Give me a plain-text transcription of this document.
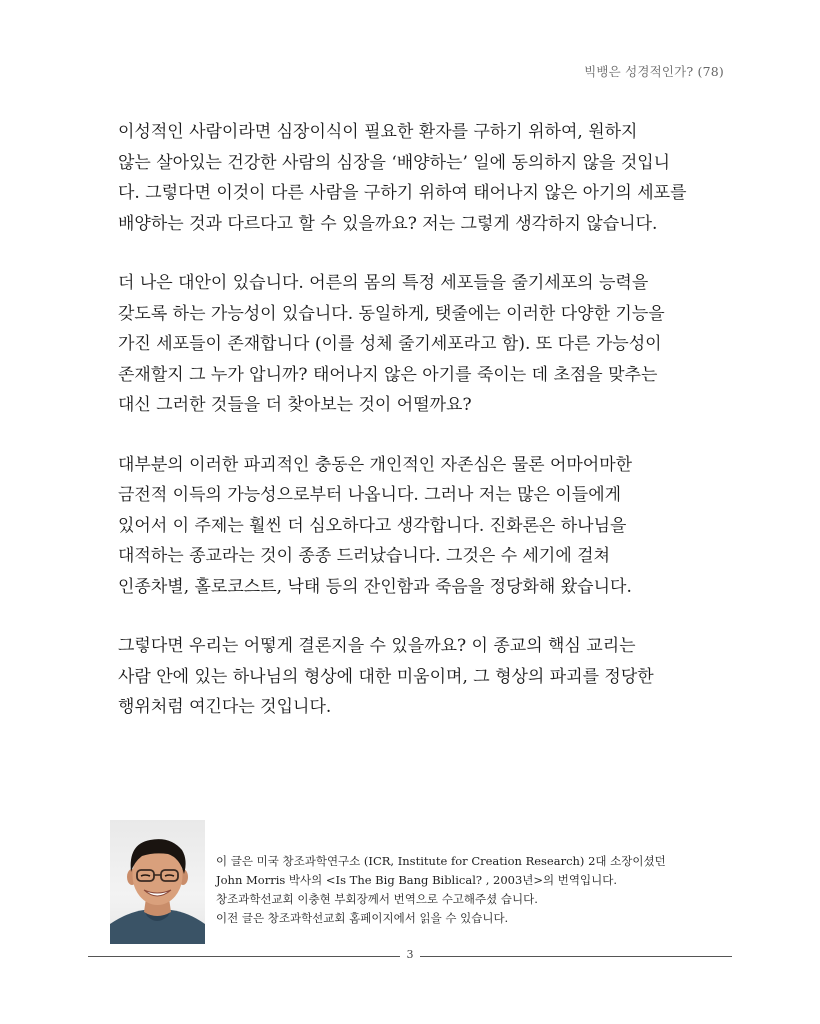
빅뱅은 성경적인가? (78)

이성적인 사람이라면 심장이식이 필요한 환자를 구하기 위하여, 원하지
않는 살아있는 건강한 사람의 심장을 ‘배양하는’ 일에 동의하지 않을 것입니
다. 그렇다면 이것이 다른 사람을 구하기 위하여 태어나지 않은 아기의 세포를
배양하는 것과 다르다고 할 수 있을까요? 저는 그렇게 생각하지 않습니다.

더 나은 대안이 있습니다. 어른의 몸의 특정 세포들을 줄기세포의 능력을
갖도록 하는 가능성이 있습니다. 동일하게, 탯줄에는 이러한 다양한 기능을
가진 세포들이 존재합니다 (이를 성체 줄기세포라고 함). 또 다른 가능성이
존재할지 그 누가 압니까? 태어나지 않은 아기를 죽이는 데 초점을 맞추는
대신 그러한 것들을 더 찾아보는 것이 어떨까요?

대부분의 이러한 파괴적인 충동은 개인적인 자존심은 물론 어마어마한
금전적 이득의 가능성으로부터 나옵니다. 그러나 저는 많은 이들에게
있어서 이 주제는 훨씬 더 심오하다고 생각합니다. 진화론은 하나님을
대적하는 종교라는 것이 종종 드러났습니다. 그것은 수 세기에 걸쳐
인종차별, 홀로코스트, 낙태 등의 잔인함과 죽음을 정당화해 왔습니다.

그렇다면 우리는 어떻게 결론지을 수 있을까요? 이 종교의 핵심 교리는
사람 안에 있는 하나님의 형상에 대한 미움이며, 그 형상의 파괴를 정당한
행위처럼 여긴다는 것입니다.

이 글은 미국 창조과학연구소 (ICR, Institute for Creation Research) 2대 소장이셨던
John Morris 박사의 <Is The Big Bang Biblical? , 2003년>의 번역입니다.
창조과학선교회 이충현 부회장께서 번역으로 수고해주셨 습니다.
이전 글은 창조과학선교회 홈페이지에서 읽을 수 있습니다.
3
